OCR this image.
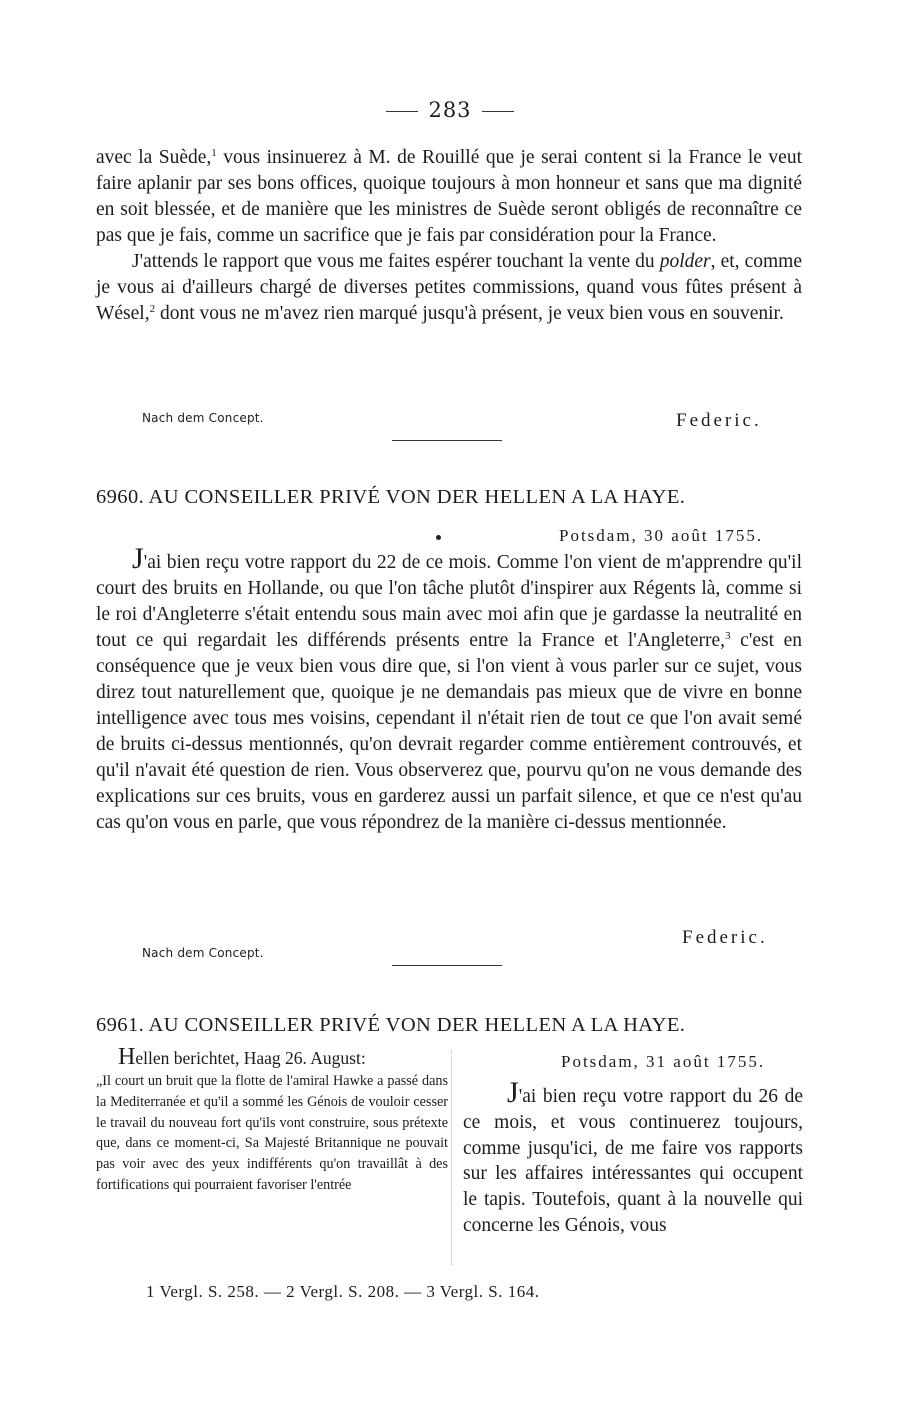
283

avec la Suède,$^1$ vous insinuerez à M. de Rouillé que je serai content si la France le veut faire aplanir par ses bons offices, quoique toujours à mon honneur et sans que ma dignité en soit blessée, et de manière que les ministres de Suède seront obligés de reconnaître ce pas que je fais, comme un sacrifice que je fais par considération pour la France.

J'attends le rapport que vous me faites espérer touchant la vente du polder, et, comme je vous ai d'ailleurs chargé de diverses petites commissions, quand vous fûtes présent à Wésel,$^2$ dont vous ne m'avez rien marqué jusqu'à présent, je veux bien vous en souvenir.

Nach dem Concept.	Federic.
6960. AU CONSEILLER PRIVÉ VON DER HELLEN A LA HAYE.
Potsdam, 30 août 1755.

J'ai bien reçu votre rapport du 22 de ce mois. Comme l'on vient de m'apprendre qu'il court des bruits en Hollande, ou que l'on tâche plutôt d'inspirer aux Régents là, comme si le roi d'Angleterre s'était entendu sous main avec moi afin que je gardasse la neutralité en tout ce qui regardait les différends présents entre la France et l'Angleterre,$^3$ c'est en conséquence que je veux bien vous dire que, si l'on vient à vous parler sur ce sujet, vous direz tout naturellement que, quoique je ne demandais pas mieux que de vivre en bonne intelligence avec tous mes voisins, cependant il n'était rien de tout ce que l'on avait semé de bruits ci-dessus mentionnés, qu'on devrait regarder comme entièrement controuvés, et qu'il n'avait été question de rien. Vous observerez que, pourvu qu'on ne vous demande des explications sur ces bruits, vous en garderez aussi un parfait silence, et que ce n'est qu'au cas qu'on vous en parle, que vous répondrez de la manière ci-dessus mentionnée.

Federic.
Nach dem Concept.
6961. AU CONSEILLER PRIVÉ VON DER HELLEN A LA HAYE.

Hellen berichtet, Haag 26. August:

„Il court un bruit que la flotte de l'amiral Hawke a passé dans la Mediterranée et qu'il a sommé les Génois de vouloir cesser le travail du nouveau fort qu'ils vont construire, sous prétexte que, dans ce moment-ci, Sa Majesté Britannique ne pouvait pas voir avec des yeux indifférents qu'on travaillât à des fortifications qui pourraient favoriser l'entrée

Potsdam, 31 août 1755.

J'ai bien reçu votre rapport du 26 de ce mois, et vous continuerez toujours, comme jusqu'ici, de me faire vos rapports sur les affaires intéressantes qui occupent le tapis. Toutefois, quant à la nouvelle qui concerne les Génois, vous

1 Vergl. S. 258. — 2 Vergl. S. 208. — 3 Vergl. S. 164.
